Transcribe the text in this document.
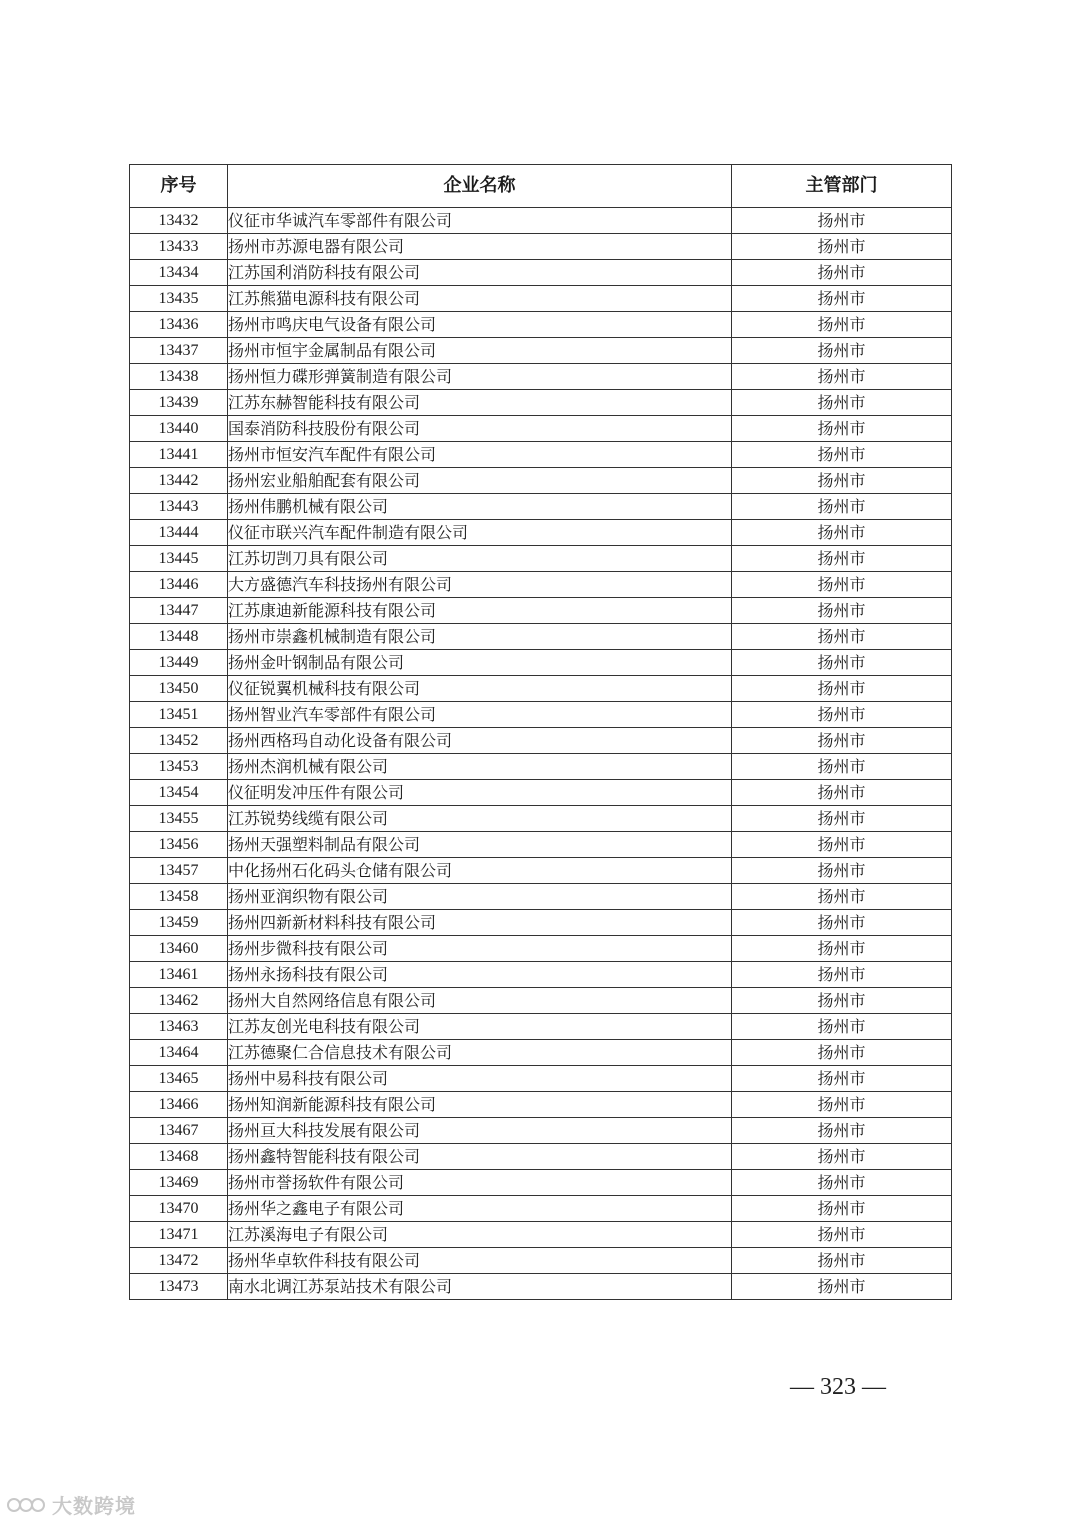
序号	企业名称	主管部门
13432	仪征市华诚汽车零部件有限公司	扬州市
13433	扬州市苏源电器有限公司	扬州市
13434	江苏国利消防科技有限公司	扬州市
13435	江苏熊猫电源科技有限公司	扬州市
13436	扬州市鸣庆电气设备有限公司	扬州市
13437	扬州市恒宇金属制品有限公司	扬州市
13438	扬州恒力碟形弹簧制造有限公司	扬州市
13439	江苏东赫智能科技有限公司	扬州市
13440	国泰消防科技股份有限公司	扬州市
13441	扬州市恒安汽车配件有限公司	扬州市
13442	扬州宏业船舶配套有限公司	扬州市
13443	扬州伟鹏机械有限公司	扬州市
13444	仪征市联兴汽车配件制造有限公司	扬州市
13445	江苏切剀刀具有限公司	扬州市
13446	大方盛德汽车科技扬州有限公司	扬州市
13447	江苏康迪新能源科技有限公司	扬州市
13448	扬州市崇鑫机械制造有限公司	扬州市
13449	扬州金叶钢制品有限公司	扬州市
13450	仪征锐翼机械科技有限公司	扬州市
13451	扬州智业汽车零部件有限公司	扬州市
13452	扬州西格玛自动化设备有限公司	扬州市
13453	扬州杰润机械有限公司	扬州市
13454	仪征明发冲压件有限公司	扬州市
13455	江苏锐势线缆有限公司	扬州市
13456	扬州天强塑料制品有限公司	扬州市
13457	中化扬州石化码头仓储有限公司	扬州市
13458	扬州亚润织物有限公司	扬州市
13459	扬州四新新材料科技有限公司	扬州市
13460	扬州步微科技有限公司	扬州市
13461	扬州永扬科技有限公司	扬州市
13462	扬州大自然网络信息有限公司	扬州市
13463	江苏友创光电科技有限公司	扬州市
13464	江苏德聚仁合信息技术有限公司	扬州市
13465	扬州中易科技有限公司	扬州市
13466	扬州知润新能源科技有限公司	扬州市
13467	扬州亘大科技发展有限公司	扬州市
13468	扬州鑫特智能科技有限公司	扬州市
13469	扬州市誉扬软件有限公司	扬州市
13470	扬州华之鑫电子有限公司	扬州市
13471	江苏溪海电子有限公司	扬州市
13472	扬州华卓软件科技有限公司	扬州市
13473	南水北调江苏泵站技术有限公司	扬州市
— 323 —
大数跨境
